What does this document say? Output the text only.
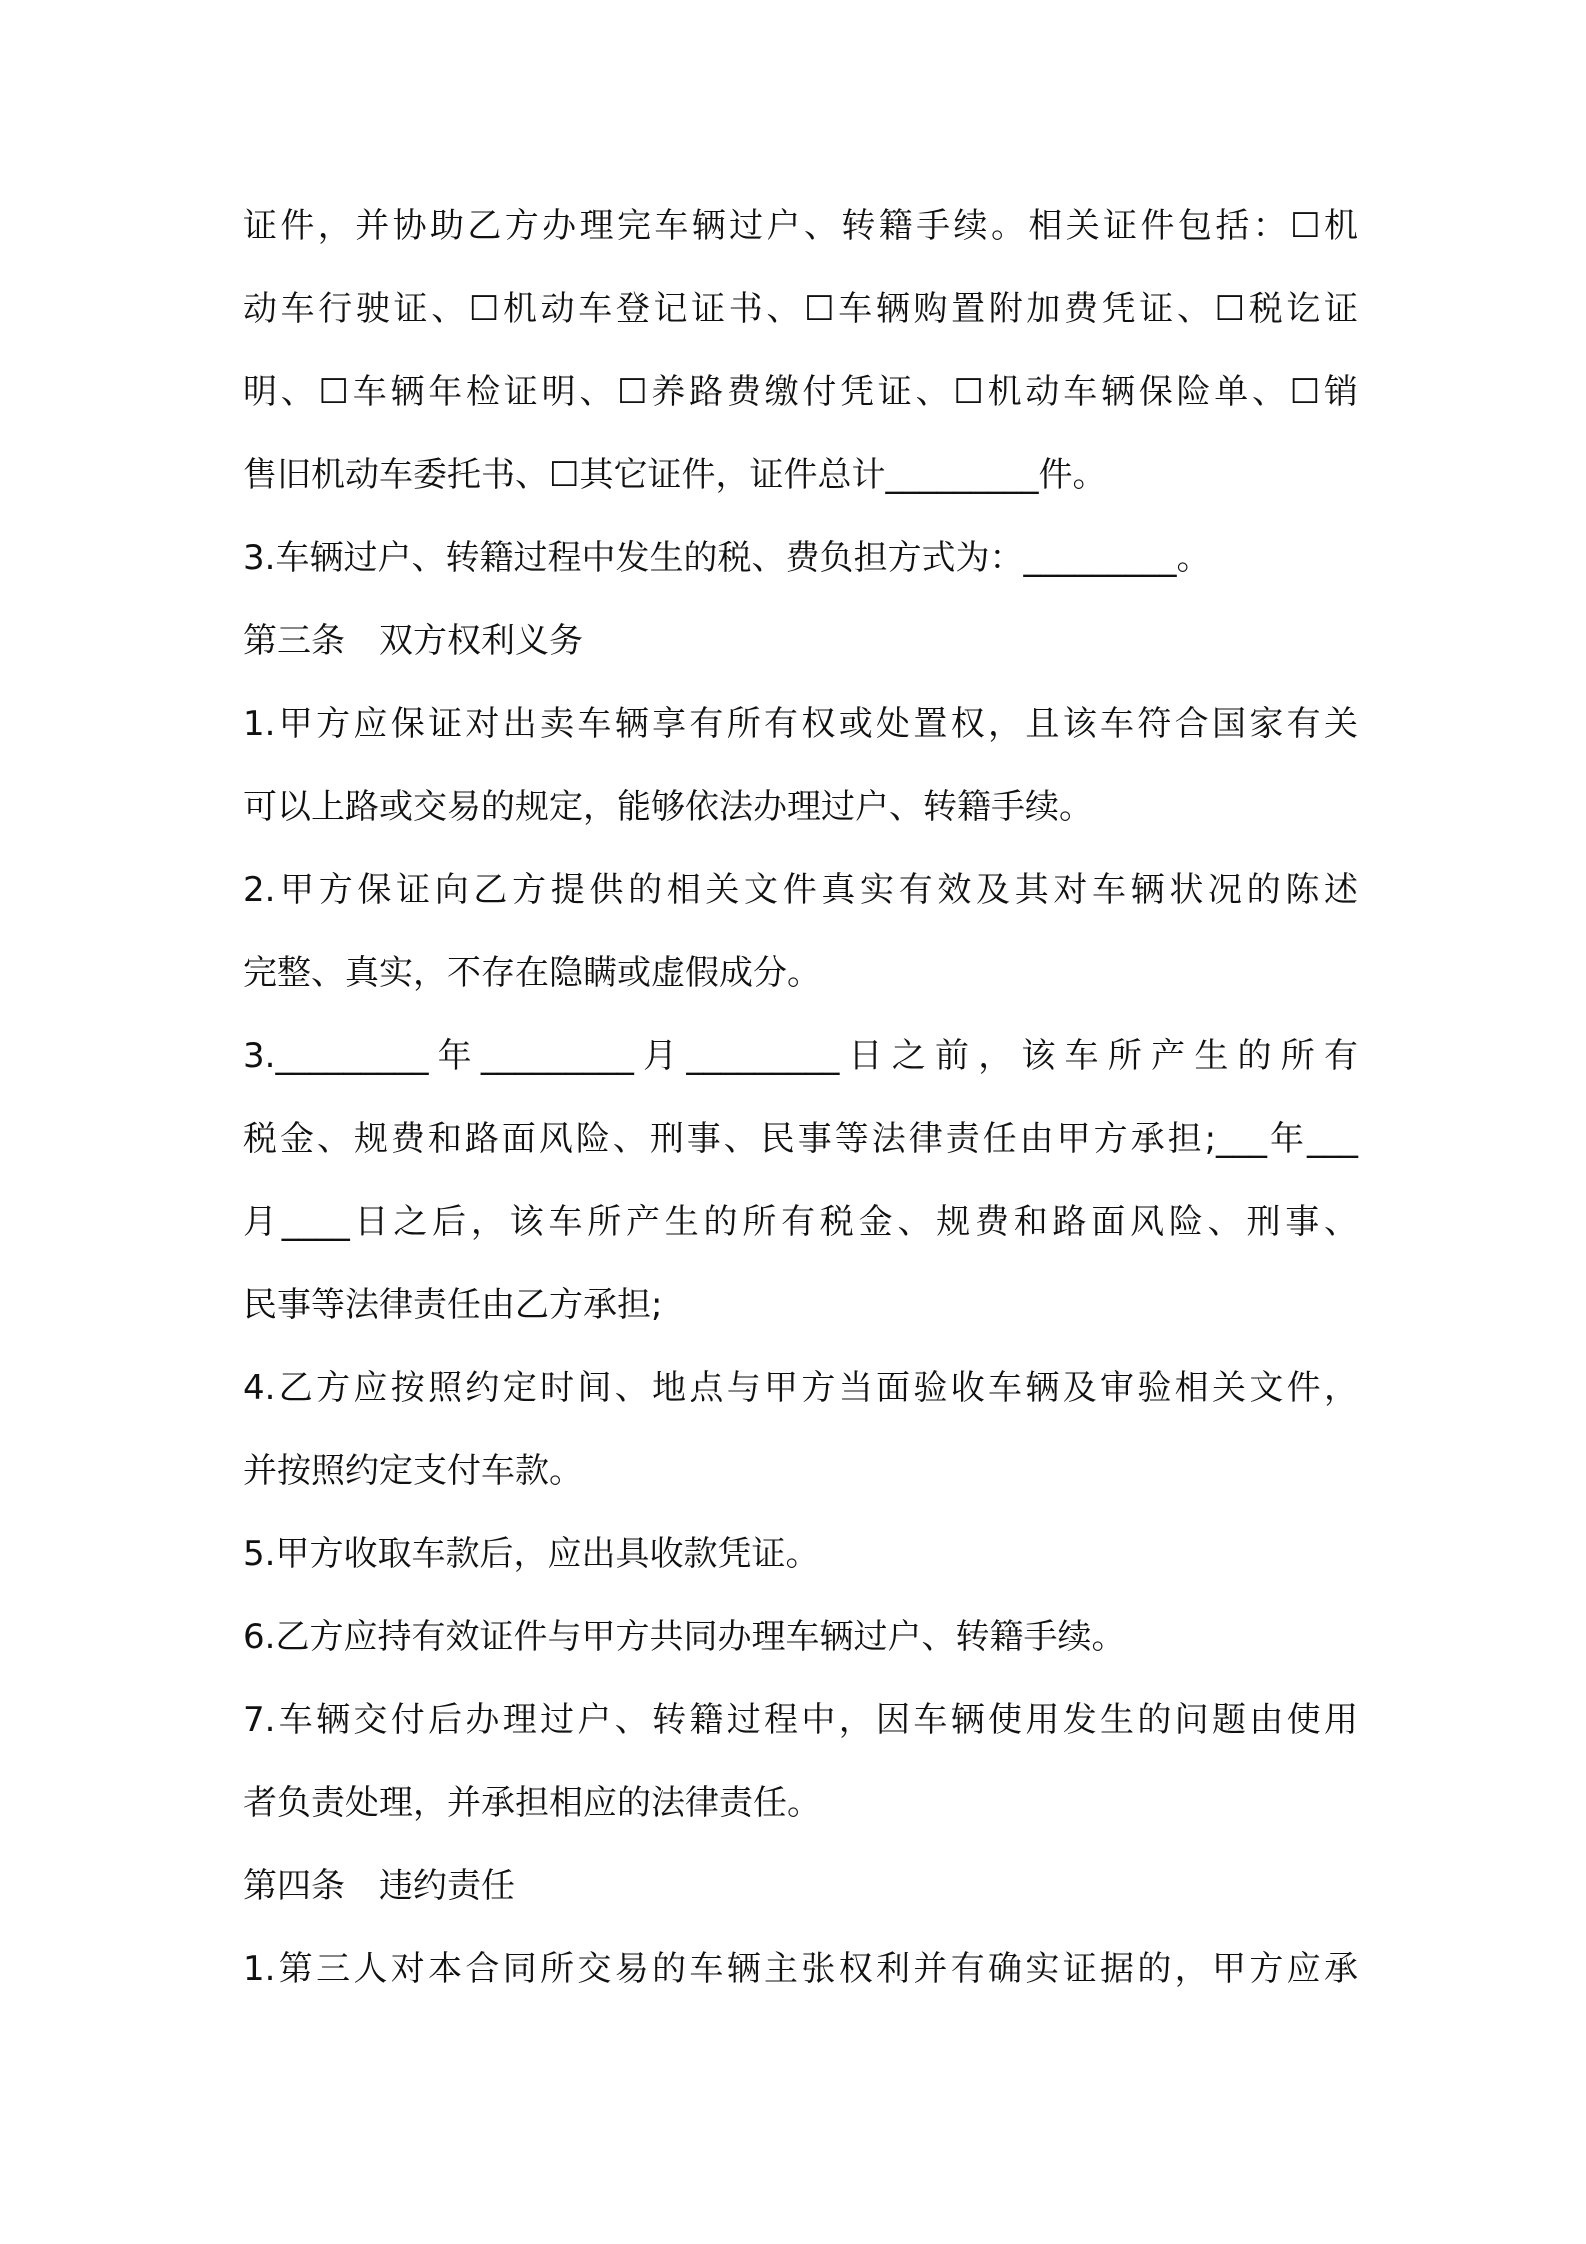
证件，并协助乙方办理完车辆过户、转籍手续。相关证件包括：☐机
动车行驶证、☐机动车登记证书、☐车辆购置附加费凭证、☐税讫证
明、☐车辆年检证明、☐养路费缴付凭证、☐机动车辆保险单、☐销
售旧机动车委托书、☐其它证件，证件总计_________件。
3.车辆过户、转籍过程中发生的税、费负担方式为：_________。
第三条　双方权利义务
1.甲方应保证对出卖车辆享有所有权或处置权，且该车符合国家有关
可以上路或交易的规定，能够依法办理过户、转籍手续。
2.甲方保证向乙方提供的相关文件真实有效及其对车辆状况的陈述
完整、真实，不存在隐瞒或虚假成分。
3._________年_________月_________日之前，该车所产生的所有
税金、规费和路面风险、刑事、民事等法律责任由甲方承担;___年___
月____日之后，该车所产生的所有税金、规费和路面风险、刑事、
民事等法律责任由乙方承担;
4.乙方应按照约定时间、地点与甲方当面验收车辆及审验相关文件，
并按照约定支付车款。
5.甲方收取车款后，应出具收款凭证。
6.乙方应持有效证件与甲方共同办理车辆过户、转籍手续。
7.车辆交付后办理过户、转籍过程中，因车辆使用发生的问题由使用
者负责处理，并承担相应的法律责任。
第四条　违约责任
1.第三人对本合同所交易的车辆主张权利并有确实证据的，甲方应承
